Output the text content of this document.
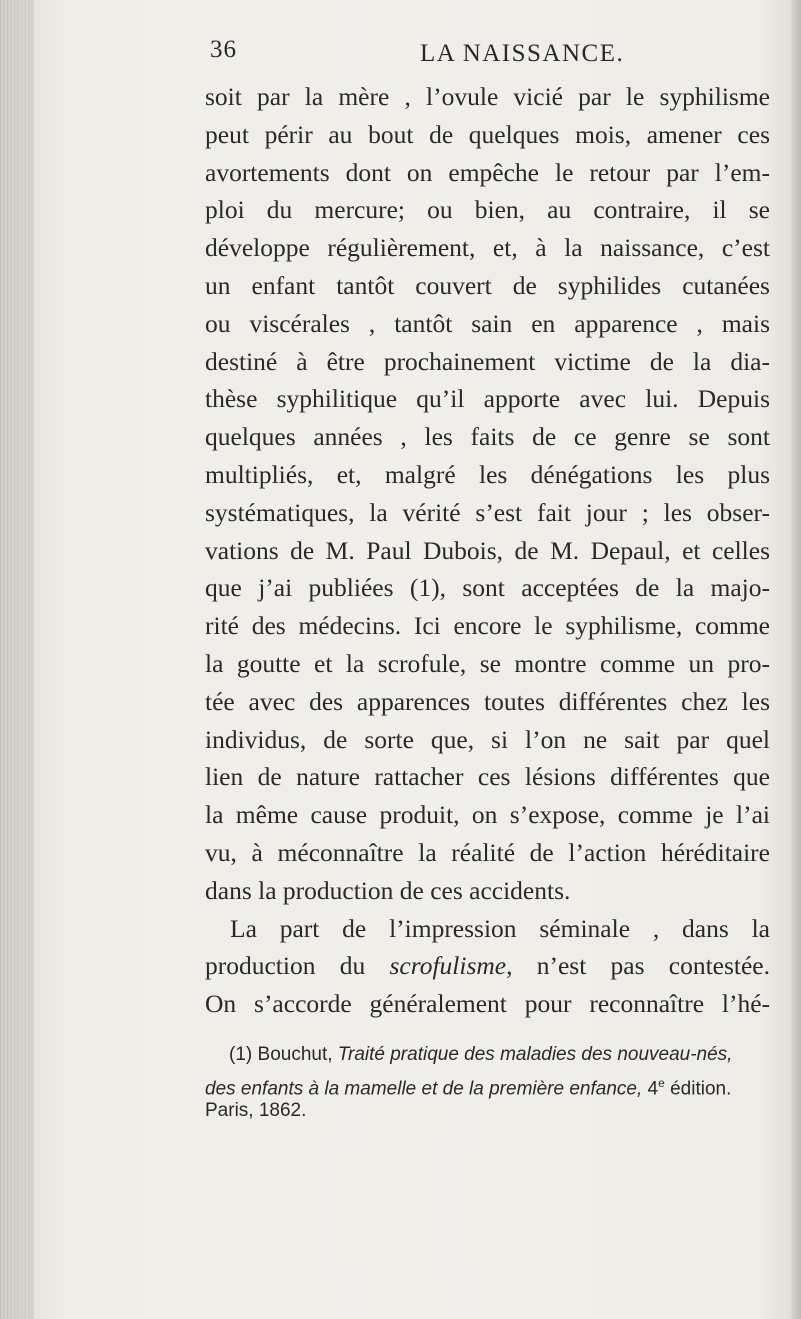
36	LA NAISSANCE.
soit par la mère , l’ovule vicié par le syphilisme
peut périr au bout de quelques mois, amener ces
avortements dont on empêche le retour par l’em-
ploi du mercure; ou bien, au contraire, il se
développe régulièrement, et, à la naissance, c’est
un enfant tantôt couvert de syphilides cutanées
ou viscérales , tantôt sain en apparence , mais
destiné à être prochainement victime de la dia-
thèse syphilitique qu’il apporte avec lui. Depuis
quelques années , les faits de ce genre se sont
multipliés, et, malgré les dénégations les plus
systématiques, la vérité s’est fait jour ; les obser-
vations de M. Paul Dubois, de M. Depaul, et celles
que j’ai publiées (1), sont acceptées de la majo-
rité des médecins. Ici encore le syphilisme, comme
la goutte et la scrofule, se montre comme un pro-
tée avec des apparences toutes différentes chez les
individus, de sorte que, si l’on ne sait par quel
lien de nature rattacher ces lésions différentes que
la même cause produit, on s’expose, comme je l’ai
vu, à méconnaître la réalité de l’action héréditaire
dans la production de ces accidents.
La part de l’impression séminale , dans la
production du scrofulisme, n’est pas contestée.
On s’accorde généralement pour reconnaître l’hé-
(1) Bouchut, Traité pratique des maladies des nouveau-nés,
des enfants à la mamelle et de la première enfance, 4e édition.
Paris, 1862.
